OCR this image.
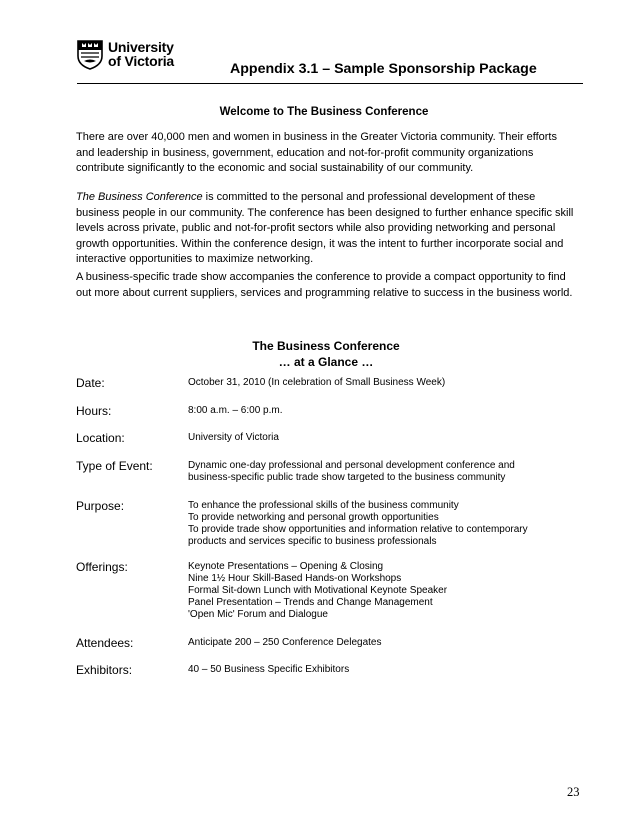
University
of Victoria	Appendix 3.1 – Sample Sponsorship Package
Welcome to The Business Conference
There are over 40,000 men and women in business in the Greater Victoria community. Their efforts and leadership in business, government, education and not-for-profit community organizations contribute significantly to the economic and social sustainability of our community.
The Business Conference is committed to the personal and professional development of these business people in our community. The conference has been designed to further enhance specific skill levels across private, public and not-for-profit sectors while also providing networking and personal growth opportunities. Within the conference design, it was the intent to further incorporate social and interactive opportunities to maximize networking.
A business-specific trade show accompanies the conference to provide a compact opportunity to find out more about current suppliers, services and programming relative to success in the business world.
The Business Conference
… at a Glance …
Date:	October 31, 2010 (In celebration of Small Business Week)
Hours:	8:00 a.m. – 6:00 p.m.
Location:	University of Victoria
Type of Event:	Dynamic one-day professional and personal development conference and
business-specific public trade show targeted to the business community
Purpose:	To enhance the professional skills of the business community
To provide networking and personal growth opportunities
To provide trade show opportunities and information relative to contemporary
products and services specific to business professionals
Offerings:	Keynote Presentations – Opening & Closing
Nine 1½ Hour Skill-Based Hands-on Workshops
Formal Sit-down Lunch with Motivational Keynote Speaker
Panel Presentation – Trends and Change Management
'Open Mic' Forum and Dialogue
Attendees:	Anticipate 200 – 250 Conference Delegates
Exhibitors:	40 – 50 Business Specific Exhibitors
23
